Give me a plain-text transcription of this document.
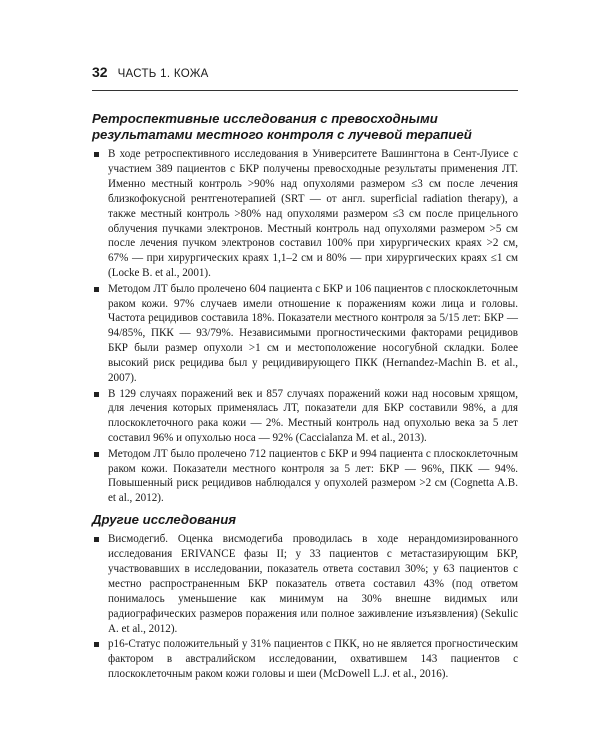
32 ЧАСТЬ 1. КОЖА
Ретроспективные исследования с превосходными результатами местного контроля с лучевой терапией
В ходе ретроспективного исследования в Университете Вашингтона в Сент-Луисе с участием 389 пациентов с БКР получены превосходные результаты применения ЛТ. Именно местный контроль >90% над опухолями размером ≤3 см после лечения близкофокусной рентгенотерапией (SRT — от англ. superficial radiation therapy), а также местный контроль >80% над опухолями размером ≤3 см после прицельного облучения пучками электронов. Местный контроль над опухолями размером >5 см после лечения пучком электронов составил 100% при хирургических краях >2 см, 67% — при хирургических краях 1,1–2 см и 80% — при хирургических краях ≤1 см (Locke B. et al., 2001).
Методом ЛТ было пролечено 604 пациента с БКР и 106 пациентов с плоскоклеточным раком кожи. 97% случаев имели отношение к поражениям кожи лица и головы. Частота рецидивов составила 18%. Показатели местного контроля за 5/15 лет: БКР — 94/85%, ПКК — 93/79%. Независимыми прогностическими факторами рецидивов БКР были размер опухоли >1 см и местоположение носогубной складки. Более высокий риск рецидива был у рецидивирующего ПКК (Hernandez-Machin B. et al., 2007).
В 129 случаях поражений век и 857 случаях поражений кожи над носовым хрящом, для лечения которых применялась ЛТ, показатели для БКР составили 98%, а для плоскоклеточного рака кожи — 2%. Местный контроль над опухолью века за 5 лет составил 96% и опухолью носа — 92% (Caccialanza M. et al., 2013).
Методом ЛТ было пролечено 712 пациентов с БКР и 994 пациента с плоскоклеточным раком кожи. Показатели местного контроля за 5 лет: БКР — 96%, ПКК — 94%. Повышенный риск рецидивов наблюдался у опухолей размером >2 см (Cognetta A.B. et al., 2012).
Другие исследования
Висмодегиб. Оценка висмодегиба проводилась в ходе нерандомизированного исследования ERIVANCE фазы II; у 33 пациентов с метастазирующим БКР, участвовавших в исследовании, показатель ответа составил 30%; у 63 пациентов с местно распространенным БКР показатель ответа составил 43% (под ответом понималось уменьшение как минимум на 30% внешне видимых или радиографических размеров поражения или полное заживление изъязвления) (Sekulic A. et al., 2012).
p16-Статус положительный у 31% пациентов с ПКК, но не является прогностическим фактором в австралийском исследовании, охватившем 143 пациентов с плоскоклеточным раком кожи головы и шеи (McDowell L.J. et al., 2016).
